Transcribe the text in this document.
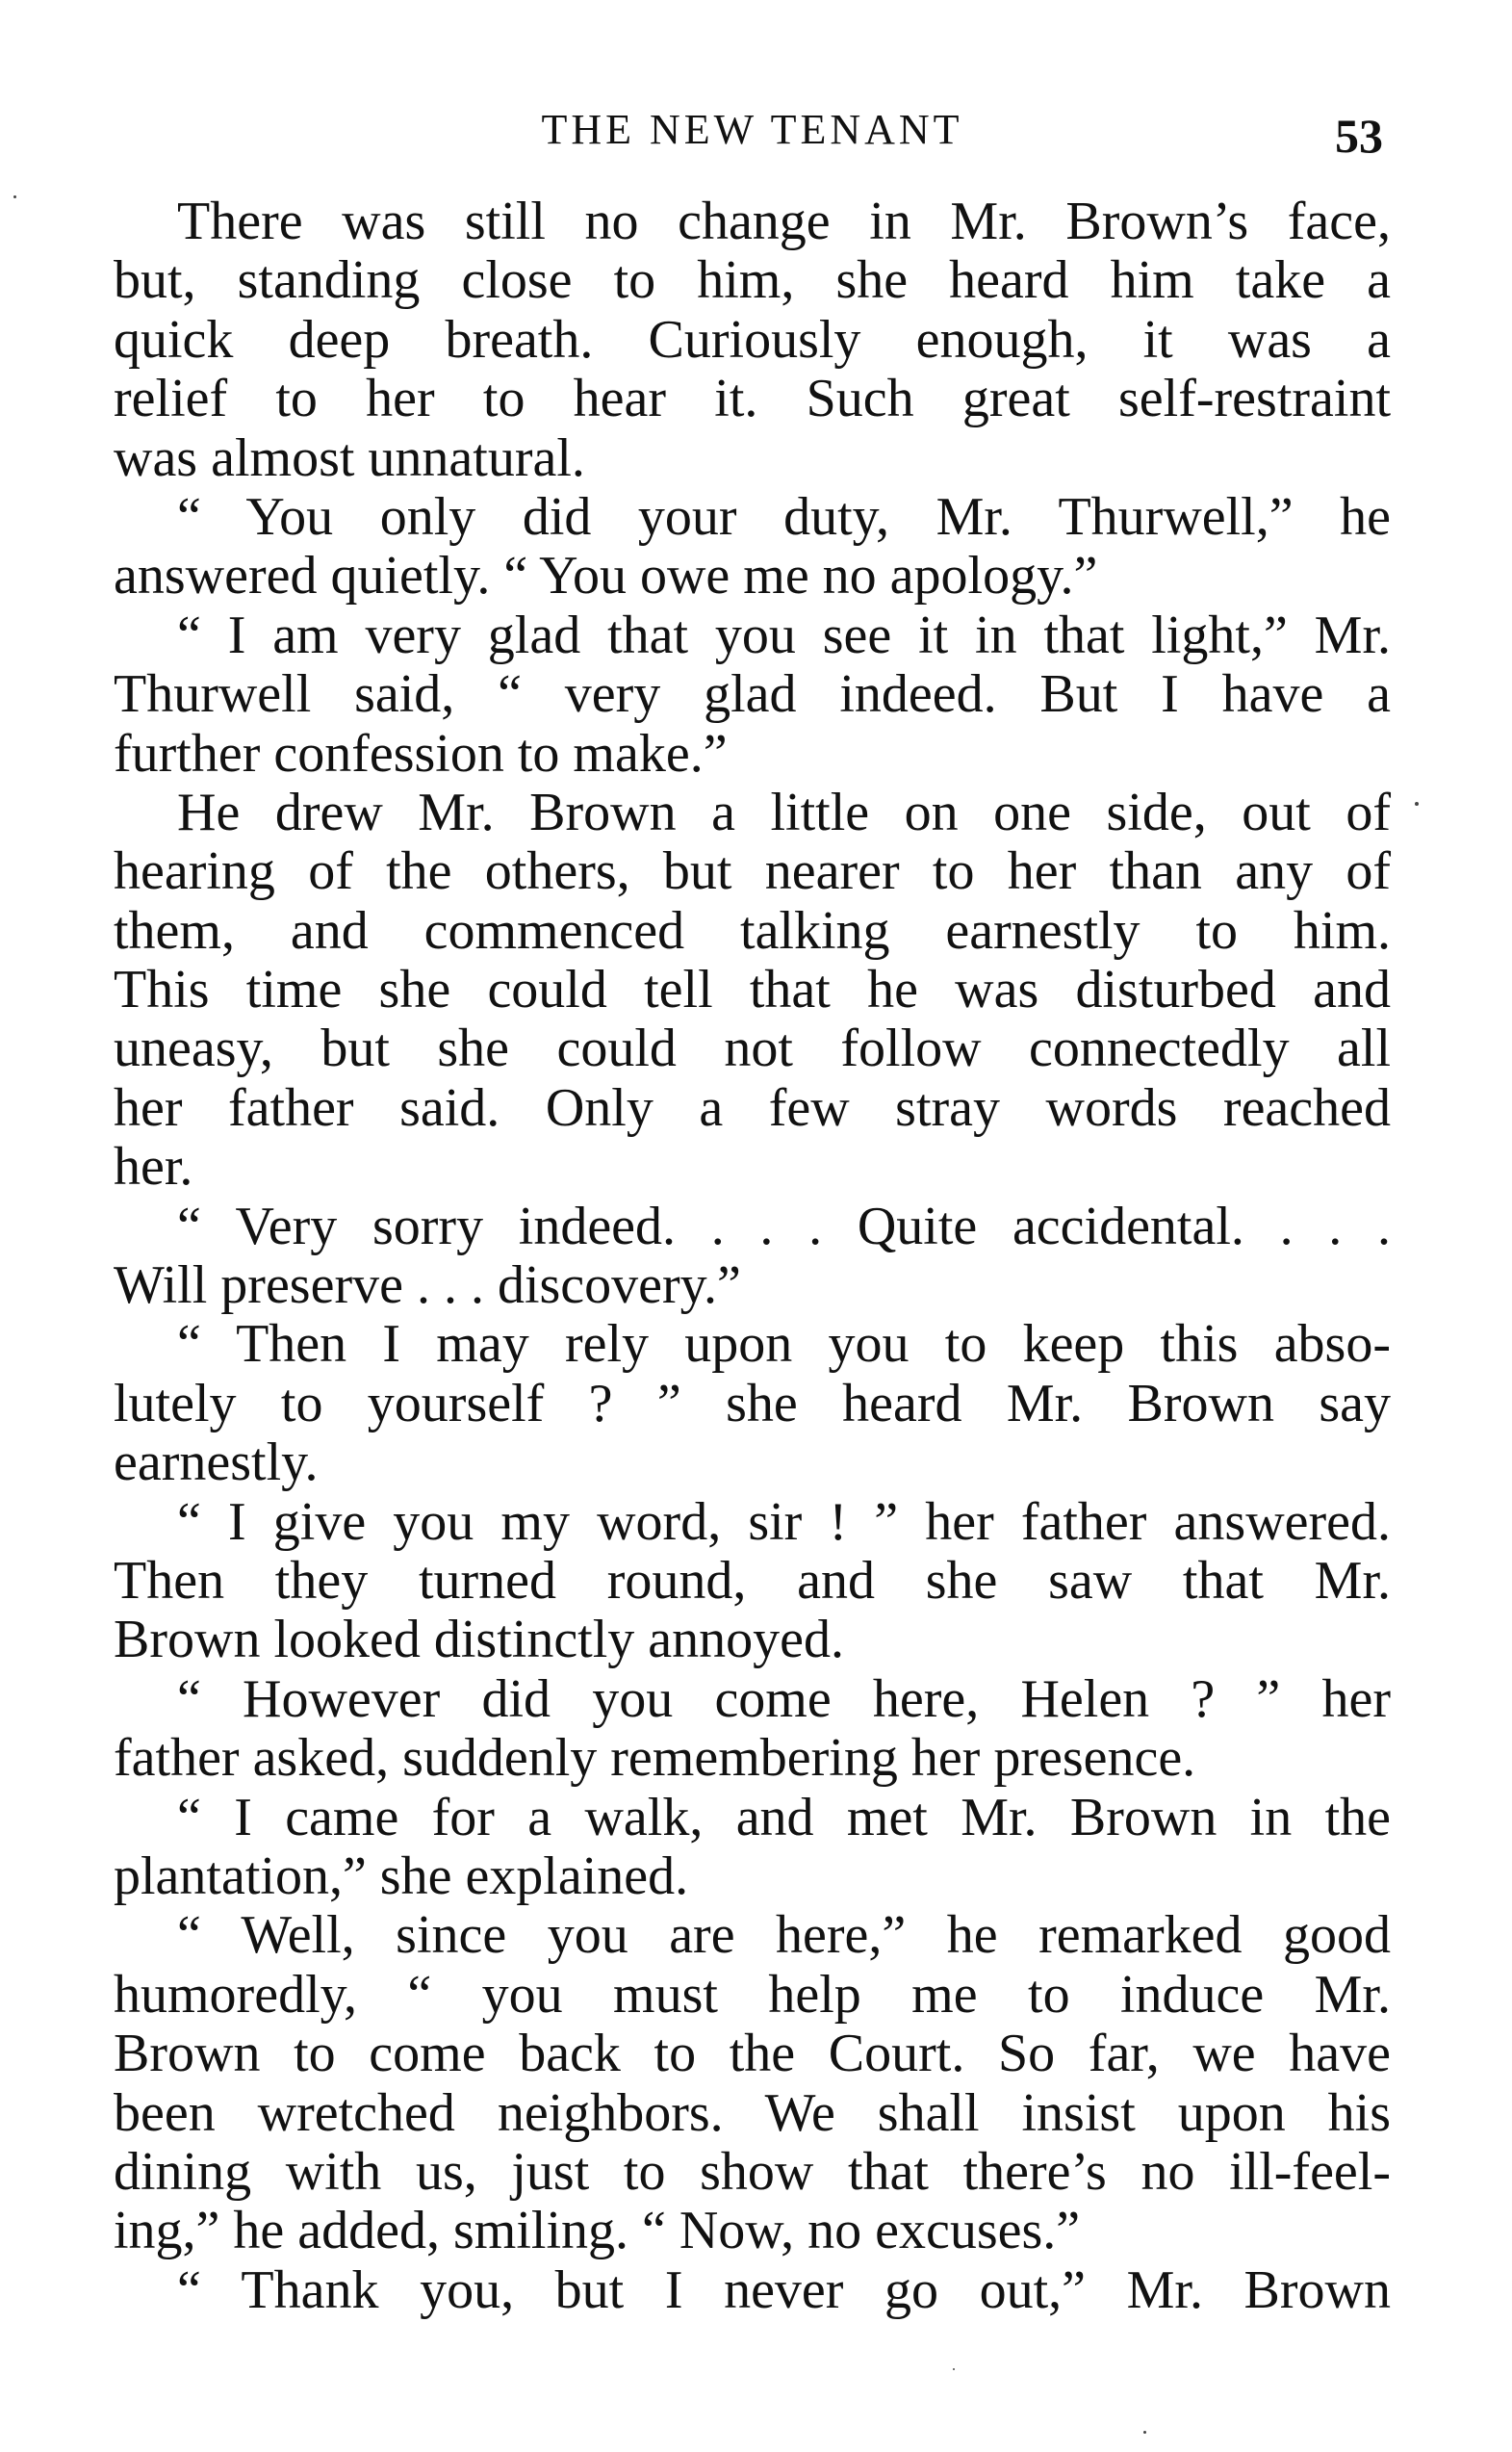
THE NEW TENANT	53

There was still no change in Mr. Brown’s face,
but, standing close to him, she heard him take a
quick deep breath. Curiously enough, it was a
relief to her to hear it. Such great self-restraint
was almost unnatural.

“ You only did your duty, Mr. Thurwell,” he
answered quietly. “ You owe me no apology.”

“ I am very glad that you see it in that light,” Mr.
Thurwell said, “ very glad indeed. But I have a
further confession to make.”

He drew Mr. Brown a little on one side, out of
hearing of the others, but nearer to her than any of
them, and commenced talking earnestly to him.
This time she could tell that he was disturbed and
uneasy, but she could not follow connectedly all
her father said. Only a few stray words reached
her.

“ Very sorry indeed. . . . Quite accidental. . . .
Will preserve . . . discovery.”

“ Then I may rely upon you to keep this abso-
lutely to yourself ? ” she heard Mr. Brown say
earnestly.

“ I give you my word, sir ! ” her father answered.
Then they turned round, and she saw that Mr.
Brown looked distinctly annoyed.

“ However did you come here, Helen ? ” her
father asked, suddenly remembering her presence.

“ I came for a walk, and met Mr. Brown in the
plantation,” she explained.

“ Well, since you are here,” he remarked good
humoredly, “ you must help me to induce Mr.
Brown to come back to the Court. So far, we have
been wretched neighbors. We shall insist upon his
dining with us, just to show that there’s no ill-feel-
ing,” he added, smiling. “ Now, no excuses.”

“ Thank you, but I never go out,” Mr. Brown
